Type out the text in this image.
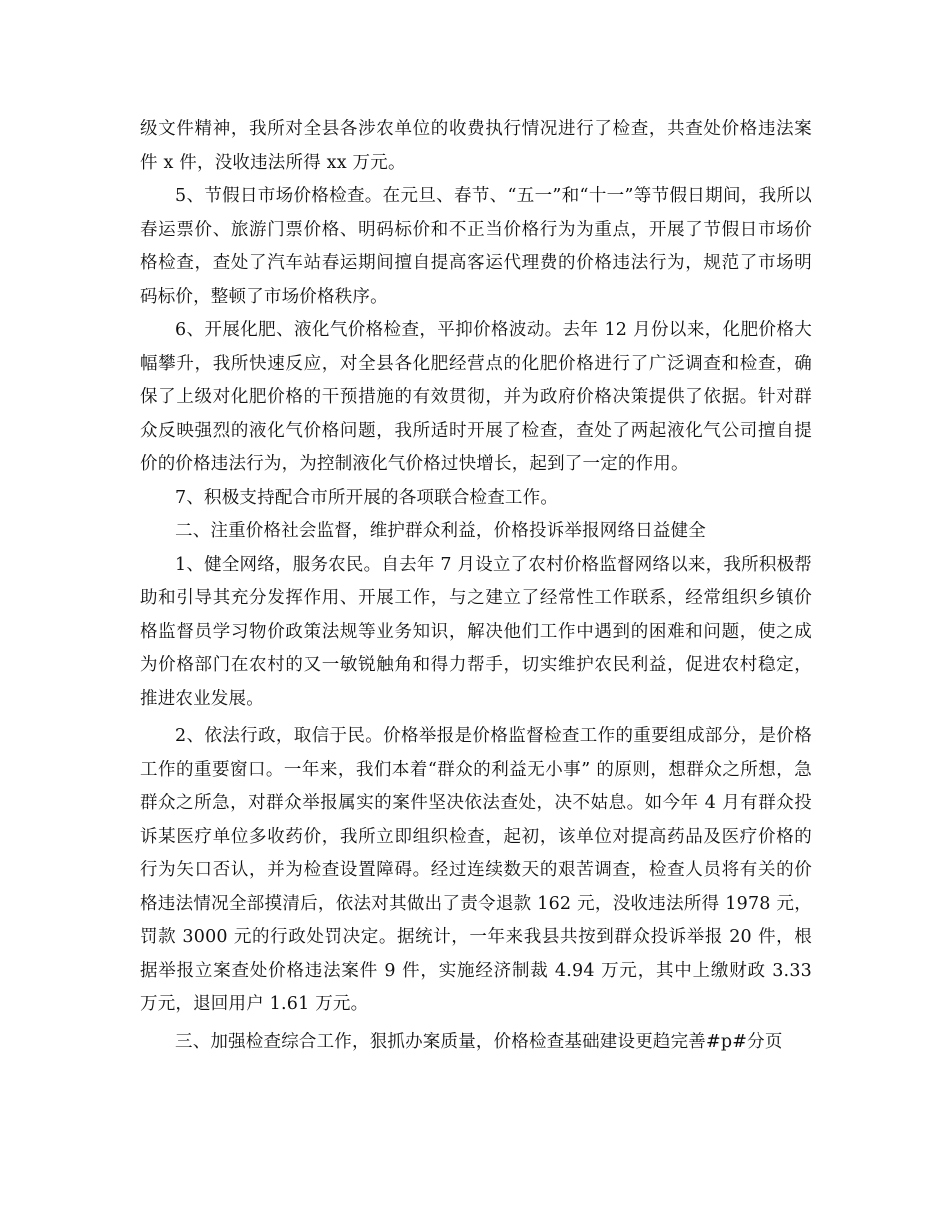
级文件精神，我所对全县各涉农单位的收费执行情况进行了检查，共查处价格违法案件 x 件，没收违法所得 xx 万元。

5、节假日市场价格检查。在元旦、春节、“五一”和“十一”等节假日期间，我所以春运票价、旅游门票价格、明码标价和不正当价格行为为重点，开展了节假日市场价格检查，查处了汽车站春运期间擅自提高客运代理费的价格违法行为，规范了市场明码标价，整顿了市场价格秩序。

6、开展化肥、液化气价格检查，平抑价格波动。去年 12 月份以来，化肥价格大幅攀升，我所快速反应，对全县各化肥经营点的化肥价格进行了广泛调查和检查，确保了上级对化肥价格的干预措施的有效贯彻，并为政府价格决策提供了依据。针对群众反映强烈的液化气价格问题，我所适时开展了检查，查处了两起液化气公司擅自提价的价格违法行为，为控制液化气价格过快增长，起到了一定的作用。

7、积极支持配合市所开展的各项联合检查工作。

二、注重价格社会监督，维护群众利益，价格投诉举报网络日益健全

1、健全网络，服务农民。自去年 7 月设立了农村价格监督网络以来，我所积极帮助和引导其充分发挥作用、开展工作，与之建立了经常性工作联系，经常组织乡镇价格监督员学习物价政策法规等业务知识，解决他们工作中遇到的困难和问题，使之成为价格部门在农村的又一敏锐触角和得力帮手，切实维护农民利益，促进农村稳定，推进农业发展。

2、依法行政，取信于民。价格举报是价格监督检查工作的重要组成部分，是价格工作的重要窗口。一年来，我们本着“群众的利益无小事” 的原则，想群众之所想，急群众之所急，对群众举报属实的案件坚决依法查处，决不姑息。如今年 4 月有群众投诉某医疗单位多收药价，我所立即组织检查，起初，该单位对提高药品及医疗价格的行为矢口否认，并为检查设置障碍。经过连续数天的艰苦调查，检查人员将有关的价格违法情况全部摸清后，依法对其做出了责令退款 162 元，没收违法所得 1978 元，罚款 3000 元的行政处罚决定。据统计，一年来我县共按到群众投诉举报 20 件，根据举报立案查处价格违法案件 9 件，实施经济制裁 4.94 万元，其中上缴财政 3.33 万元，退回用户 1.61 万元。

三、加强检查综合工作，狠抓办案质量，价格检查基础建设更趋完善#p#分页
